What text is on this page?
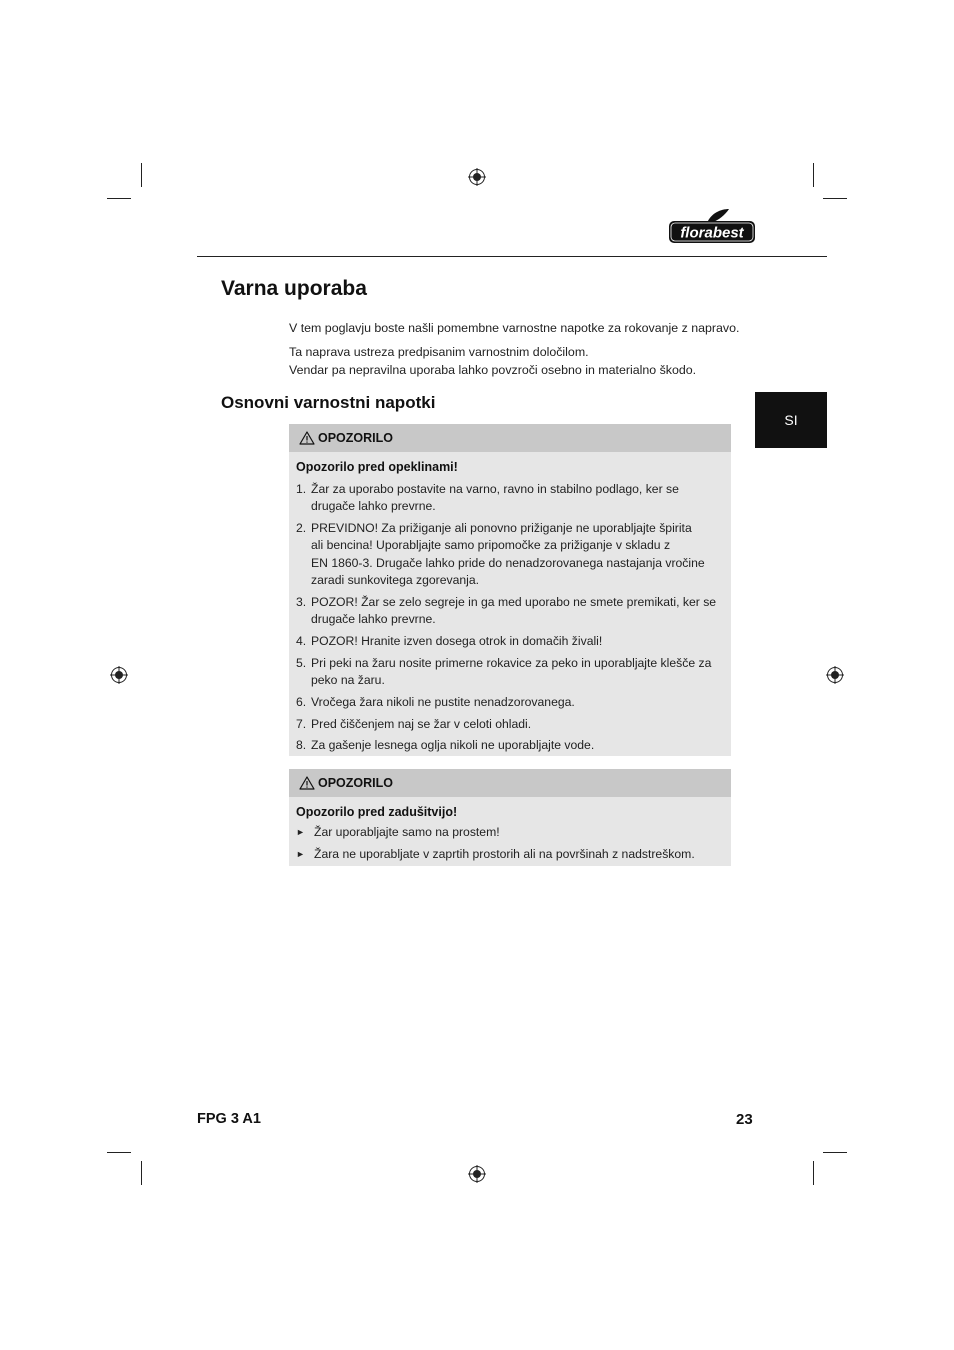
florabest
Varna uporaba
V tem poglavju boste našli pomembne varnostne napotke za rokovanje z napravo.
Ta naprava ustreza predpisanim varnostnim določilom.
Vendar pa nepravilna uporaba lahko povzroči osebno in materialno škodo.
Osnovni varnostni napotki
SI
OPOZORILO
Opozorilo pred opeklinami!
1. Žar za uporabo postavite na varno, ravno in stabilno podlago, ker se
drugače lahko prevrne.
2. PREVIDNO! Za prižiganje ali ponovno prižiganje ne uporabljajte špirita
ali bencina! Uporabljajte samo pripomočke za prižiganje v skladu z
EN 1860-3. Drugače lahko pride do nenadzorovanega nastajanja vročine
zaradi sunkovitega zgorevanja.
3. POZOR! Žar se zelo segreje in ga med uporabo ne smete premikati, ker se
drugače lahko prevrne.
4. POZOR! Hranite izven dosega otrok in domačih živali!
5. Pri peki na žaru nosite primerne rokavice za peko in uporabljajte klešče za
peko na žaru.
6. Vročega žara nikoli ne pustite nenadzorovanega.
7. Pred čiščenjem naj se žar v celoti ohladi.
8. Za gašenje lesnega oglja nikoli ne uporabljajte vode.
OPOZORILO
Opozorilo pred zadušitvijo!
► Žar uporabljajte samo na prostem!
► Žara ne uporabljate v zaprtih prostorih ali na površinah z nadstreškom.
FPG 3 A1	23
